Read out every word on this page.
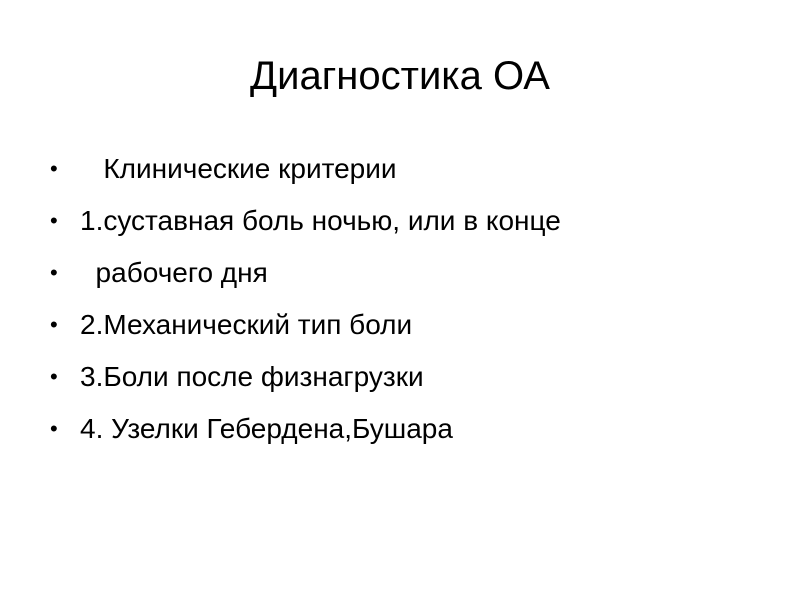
Диагностика ОА

•

Клинические критерии

•

1.суставная боль ночью, или в конце

•

рабочего дня

•

2.Механический тип боли

•

3.Боли после физнагрузки

•

4. Узелки Гебердена,Бушара
